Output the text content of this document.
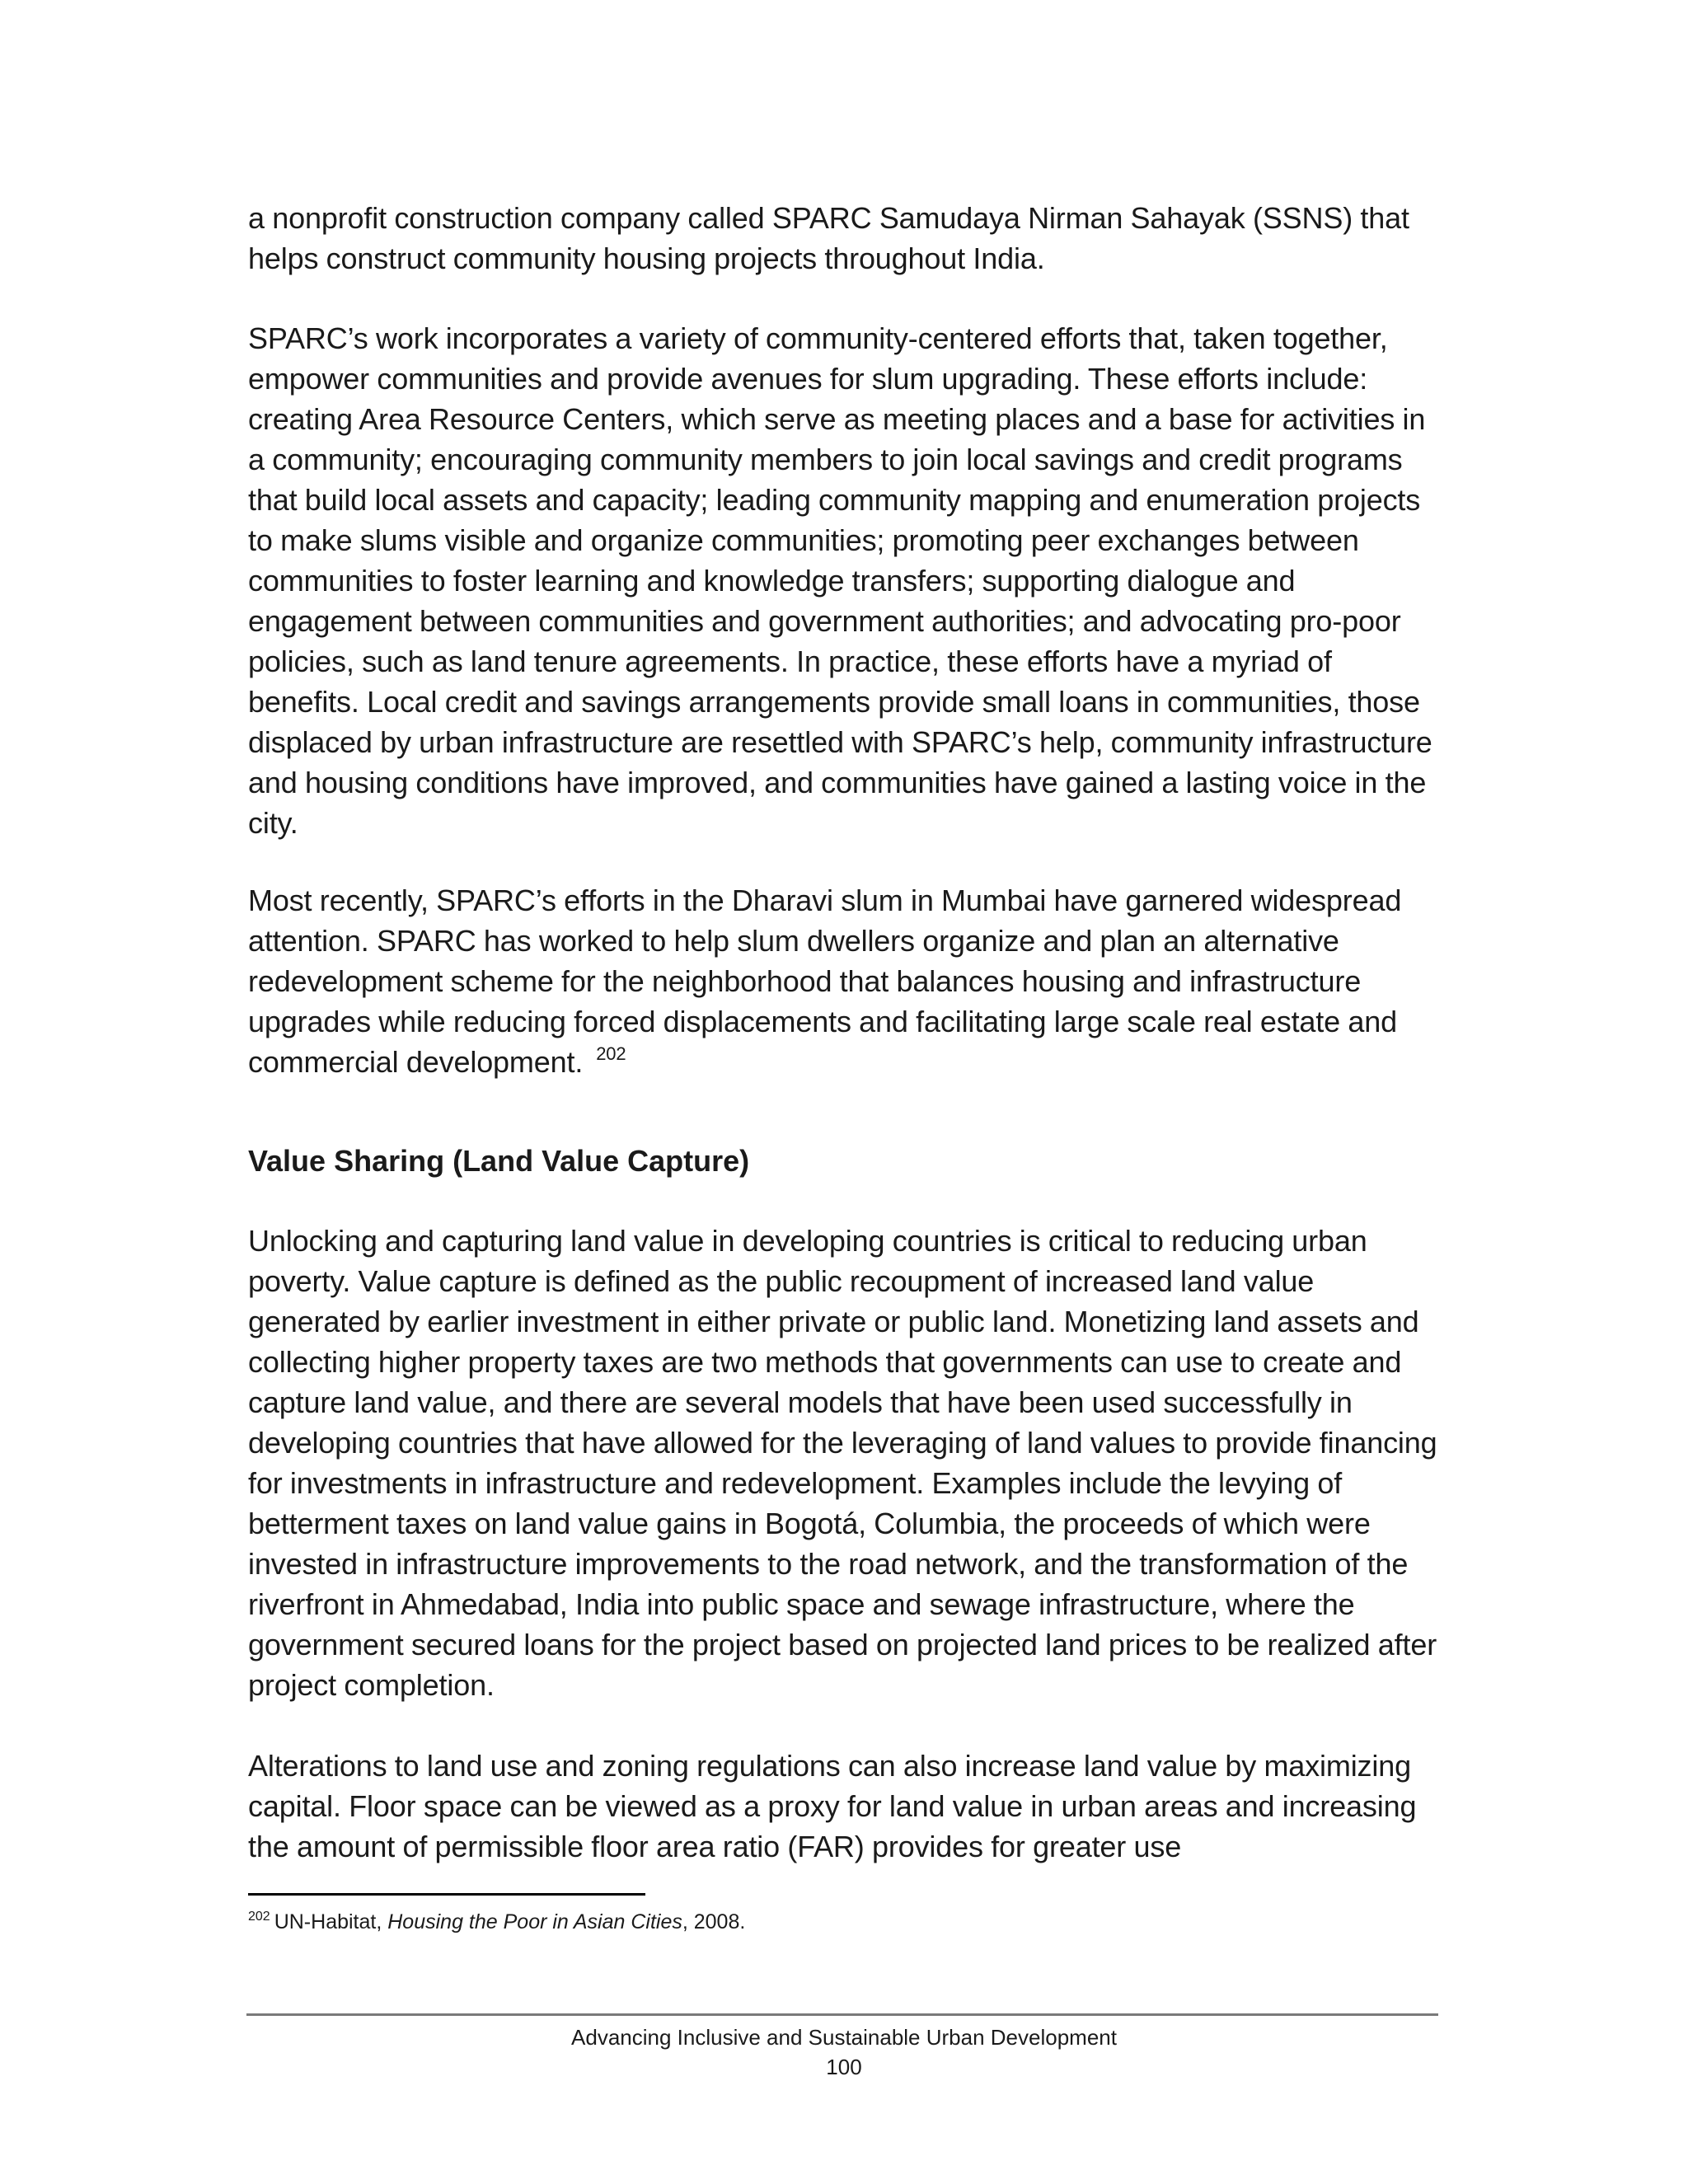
a nonprofit construction company called SPARC Samudaya Nirman Sahayak (SSNS) that helps construct community housing projects throughout India.

SPARC’s work incorporates a variety of community-centered efforts that, taken together, empower communities and provide avenues for slum upgrading. These efforts include: creating Area Resource Centers, which serve as meeting places and a base for activities in a community; encouraging community members to join local savings and credit programs that build local assets and capacity; leading community mapping and enumeration projects to make slums visible and organize communities; promoting peer exchanges between communities to foster learning and knowledge transfers; supporting dialogue and engagement between communities and government authorities; and advocating pro-poor policies, such as land tenure agreements. In practice, these efforts have a myriad of benefits. Local credit and savings arrangements provide small loans in communities, those displaced by urban infrastructure are resettled with SPARC’s help, community infrastructure and housing conditions have improved, and communities have gained a lasting voice in the city.

Most recently, SPARC’s efforts in the Dharavi slum in Mumbai have garnered widespread attention. SPARC has worked to help slum dwellers organize and plan an alternative redevelopment scheme for the neighborhood that balances housing and infrastructure upgrades while reducing forced displacements and facilitating large scale real estate and commercial development. $^{202}$

Value Sharing (Land Value Capture)

Unlocking and capturing land value in developing countries is critical to reducing urban poverty. Value capture is defined as the public recoupment of increased land value generated by earlier investment in either private or public land. Monetizing land assets and collecting higher property taxes are two methods that governments can use to create and capture land value, and there are several models that have been used successfully in developing countries that have allowed for the leveraging of land values to provide financing for investments in infrastructure and redevelopment. Examples include the levying of betterment taxes on land value gains in Bogotá, Columbia, the proceeds of which were invested in infrastructure improvements to the road network, and the transformation of the riverfront in Ahmedabad, India into public space and sewage infrastructure, where the government secured loans for the project based on projected land prices to be realized after project completion.

Alterations to land use and zoning regulations can also increase land value by maximizing capital. Floor space can be viewed as a proxy for land value in urban areas and increasing the amount of permissible floor area ratio (FAR) provides for greater use

$^{202}$ UN-Habitat, Housing the Poor in Asian Cities, 2008.

Advancing Inclusive and Sustainable Urban Development

100
